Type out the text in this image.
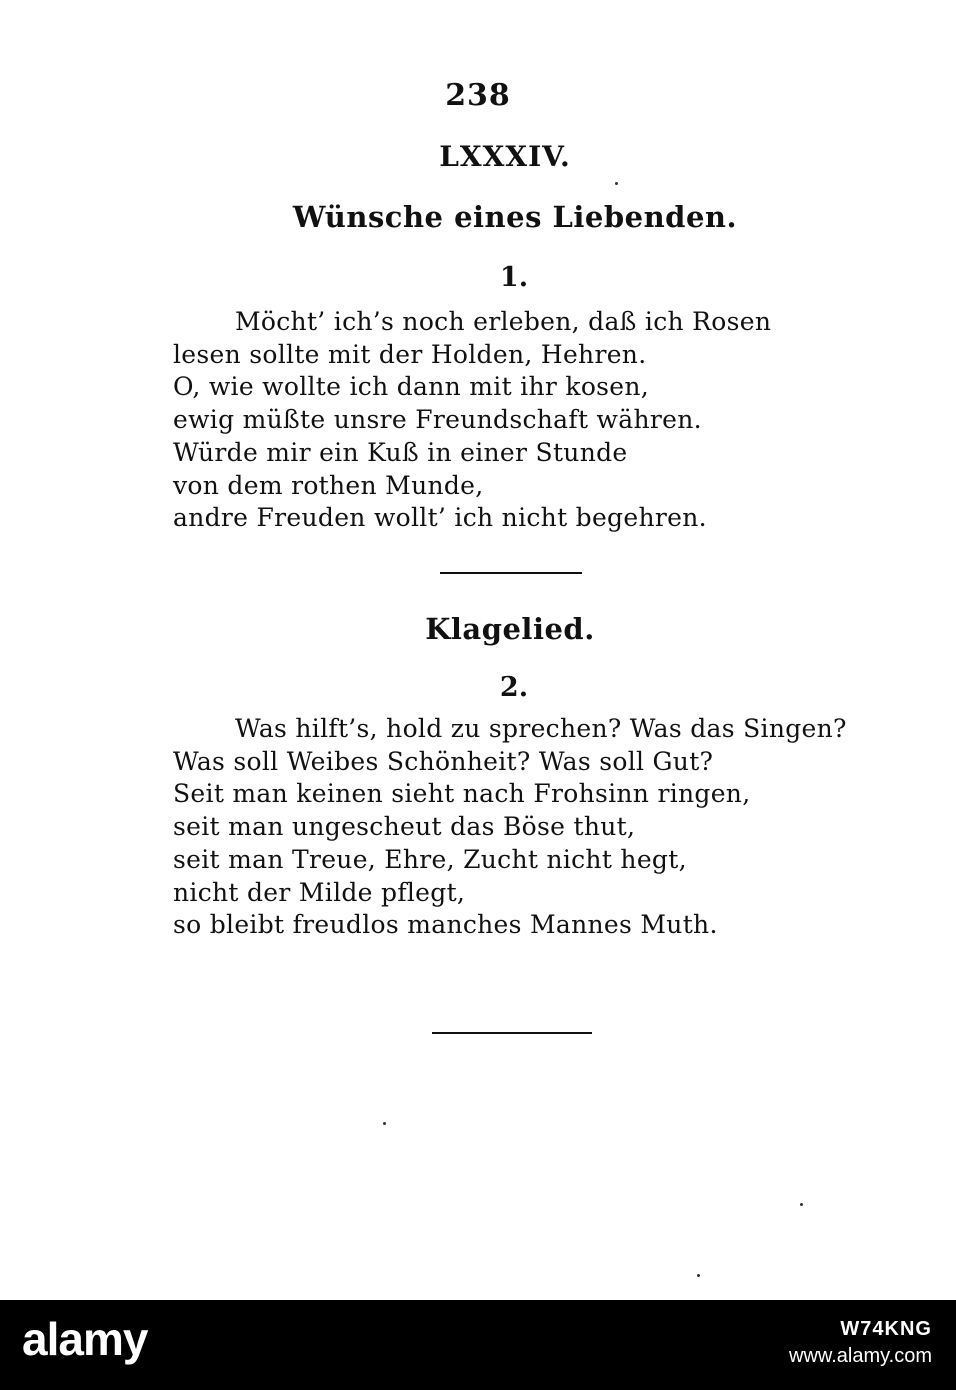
238
LXXXIV.
Wünsche eines Liebenden.
1.
Möcht’ ich’s noch erleben, daß ich Rosen
lesen sollte mit der Holden, Hehren.
O, wie wollte ich dann mit ihr kosen,
ewig müßte unsre Freundschaft währen.
Würde mir ein Kuß in einer Stunde
von dem rothen Munde,
andre Freuden wollt’ ich nicht begehren.
Klagelied.
2.
Was hilft’s, hold zu sprechen? Was das Singen?
Was soll Weibes Schönheit? Was soll Gut?
Seit man keinen sieht nach Frohsinn ringen,
seit man ungescheut das Böse thut,
seit man Treue, Ehre, Zucht nicht hegt,
nicht der Milde pflegt,
so bleibt freudlos manches Mannes Muth.
alamy	W74KNG
www.alamy.com
